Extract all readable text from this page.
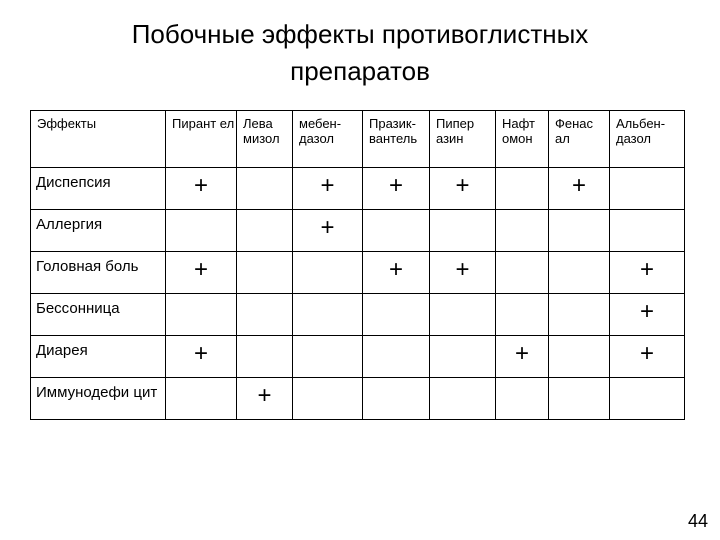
Побочные эффекты противоглистных препаратов
Эффекты	Пирант ел	Лева мизол	мебен- дазол	Празик- вантель	Пипер азин	Нафт омон	Фенас ал	Альбен- дазол

Диспепсия	+		+	+	+		+	

Аллергия			+					

Головная боль	+			+	+			+

Бессонница								+

Диарея	+					+		+

Иммунодефи цит		+						

44
